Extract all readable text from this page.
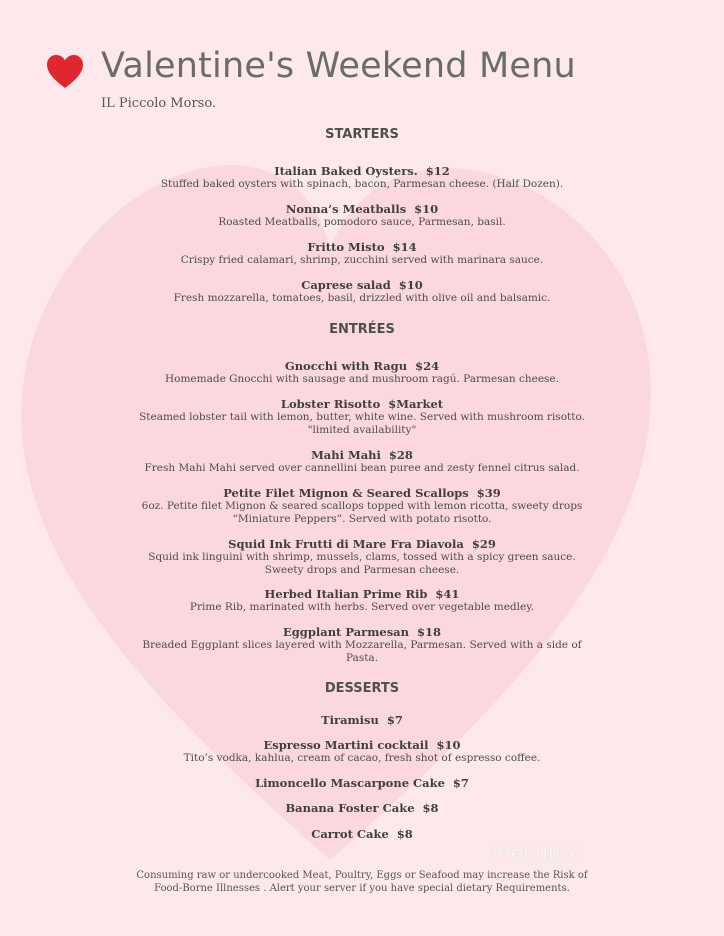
Valentine's Weekend Menu
IL Piccolo Morso.
STARTERS
Italian Baked Oysters. $12
Stuffed baked oysters with spinach, bacon, Parmesan cheese. (Half Dozen).
Nonna’s Meatballs $10
Roasted Meatballs, pomodoro sauce, Parmesan, basil.
Fritto Misto $14
Crispy fried calamari, shrimp, zucchini served with marinara sauce.
Caprese salad $10
Fresh mozzarella, tomatoes, basil, drizzled with olive oil and balsamic.
ENTRÉES
Gnocchi with Ragu $24
Homemade Gnocchi with sausage and mushroom ragú. Parmesan cheese.
Lobster Risotto $Market
Steamed lobster tail with lemon, butter, white wine. Served with mushroom risotto.
"limited availability"
Mahi Mahi $28
Fresh Mahi Mahi served over cannellini bean puree and zesty fennel citrus salad.
Petite Filet Mignon & Seared Scallops $39
6oz. Petite filet Mignon & seared scallops topped with lemon ricotta, sweety drops
“Miniature Peppers”. Served with potato risotto.
Squid Ink Frutti di Mare Fra Diavola $29
Squid ink linguini with shrimp, mussels, clams, tossed with a spicy green sauce.
Sweety drops and Parmesan cheese.
Herbed Italian Prime Rib $41
Prime Rib, marinated with herbs. Served over vegetable medley.
Eggplant Parmesan $18
Breaded Eggplant slices layered with Mozzarella, Parmesan. Served with a side of
Pasta.
DESSERTS
Tiramisu $7
Espresso Martini cocktail $10
Tito’s vodka, kahlua, cream of cacao, fresh shot of espresso coffee.
Limoncello Mascarpone Cake $7
Banana Foster Cake $8
Carrot Cake $8
menupix
Consuming raw or undercooked Meat, Poultry, Eggs or Seafood may increase the Risk of
Food-Borne Illnesses . Alert your server if you have special dietary Requirements.
